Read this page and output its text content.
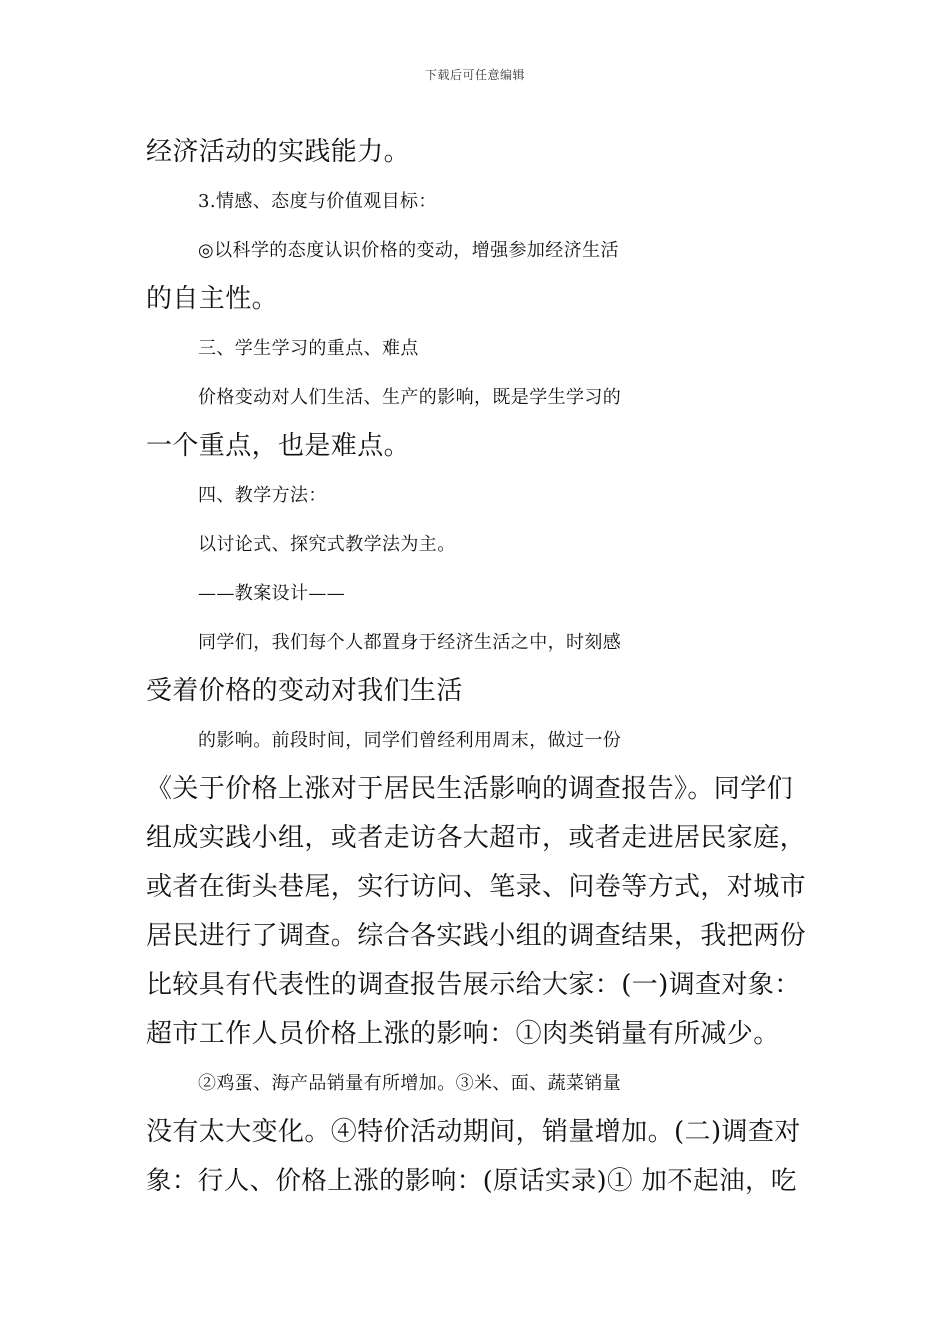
下载后可任意编辑

经济活动的实践能力。

3.情感、态度与价值观目标：

◎以科学的态度认识价格的变动，增强参加经济生活

的自主性。

三、学生学习的重点、难点

价格变动对人们生活、生产的影响，既是学生学习的

一个重点，也是难点。

四、教学方法：

以讨论式、探究式教学法为主。

——教案设计——

同学们，我们每个人都置身于经济生活之中，时刻感

受着价格的变动对我们生活

的影响。前段时间，同学们曾经利用周末，做过一份

《关于价格上涨对于居民生活影响的调查报告》。同学们

组成实践小组，或者走访各大超市，或者走进居民家庭，

或者在街头巷尾，实行访问、笔录、问卷等方式，对城市

居民进行了调查。综合各实践小组的调查结果，我把两份

比较具有代表性的调查报告展示给大家：(一)调查对象：

超市工作人员价格上涨的影响：①肉类销量有所减少。

②鸡蛋、海产品销量有所增加。③米、面、蔬菜销量

没有太大变化。④特价活动期间，销量增加。(二)调查对

象：行人、价格上涨的影响：(原话实录)① 加不起油，吃
